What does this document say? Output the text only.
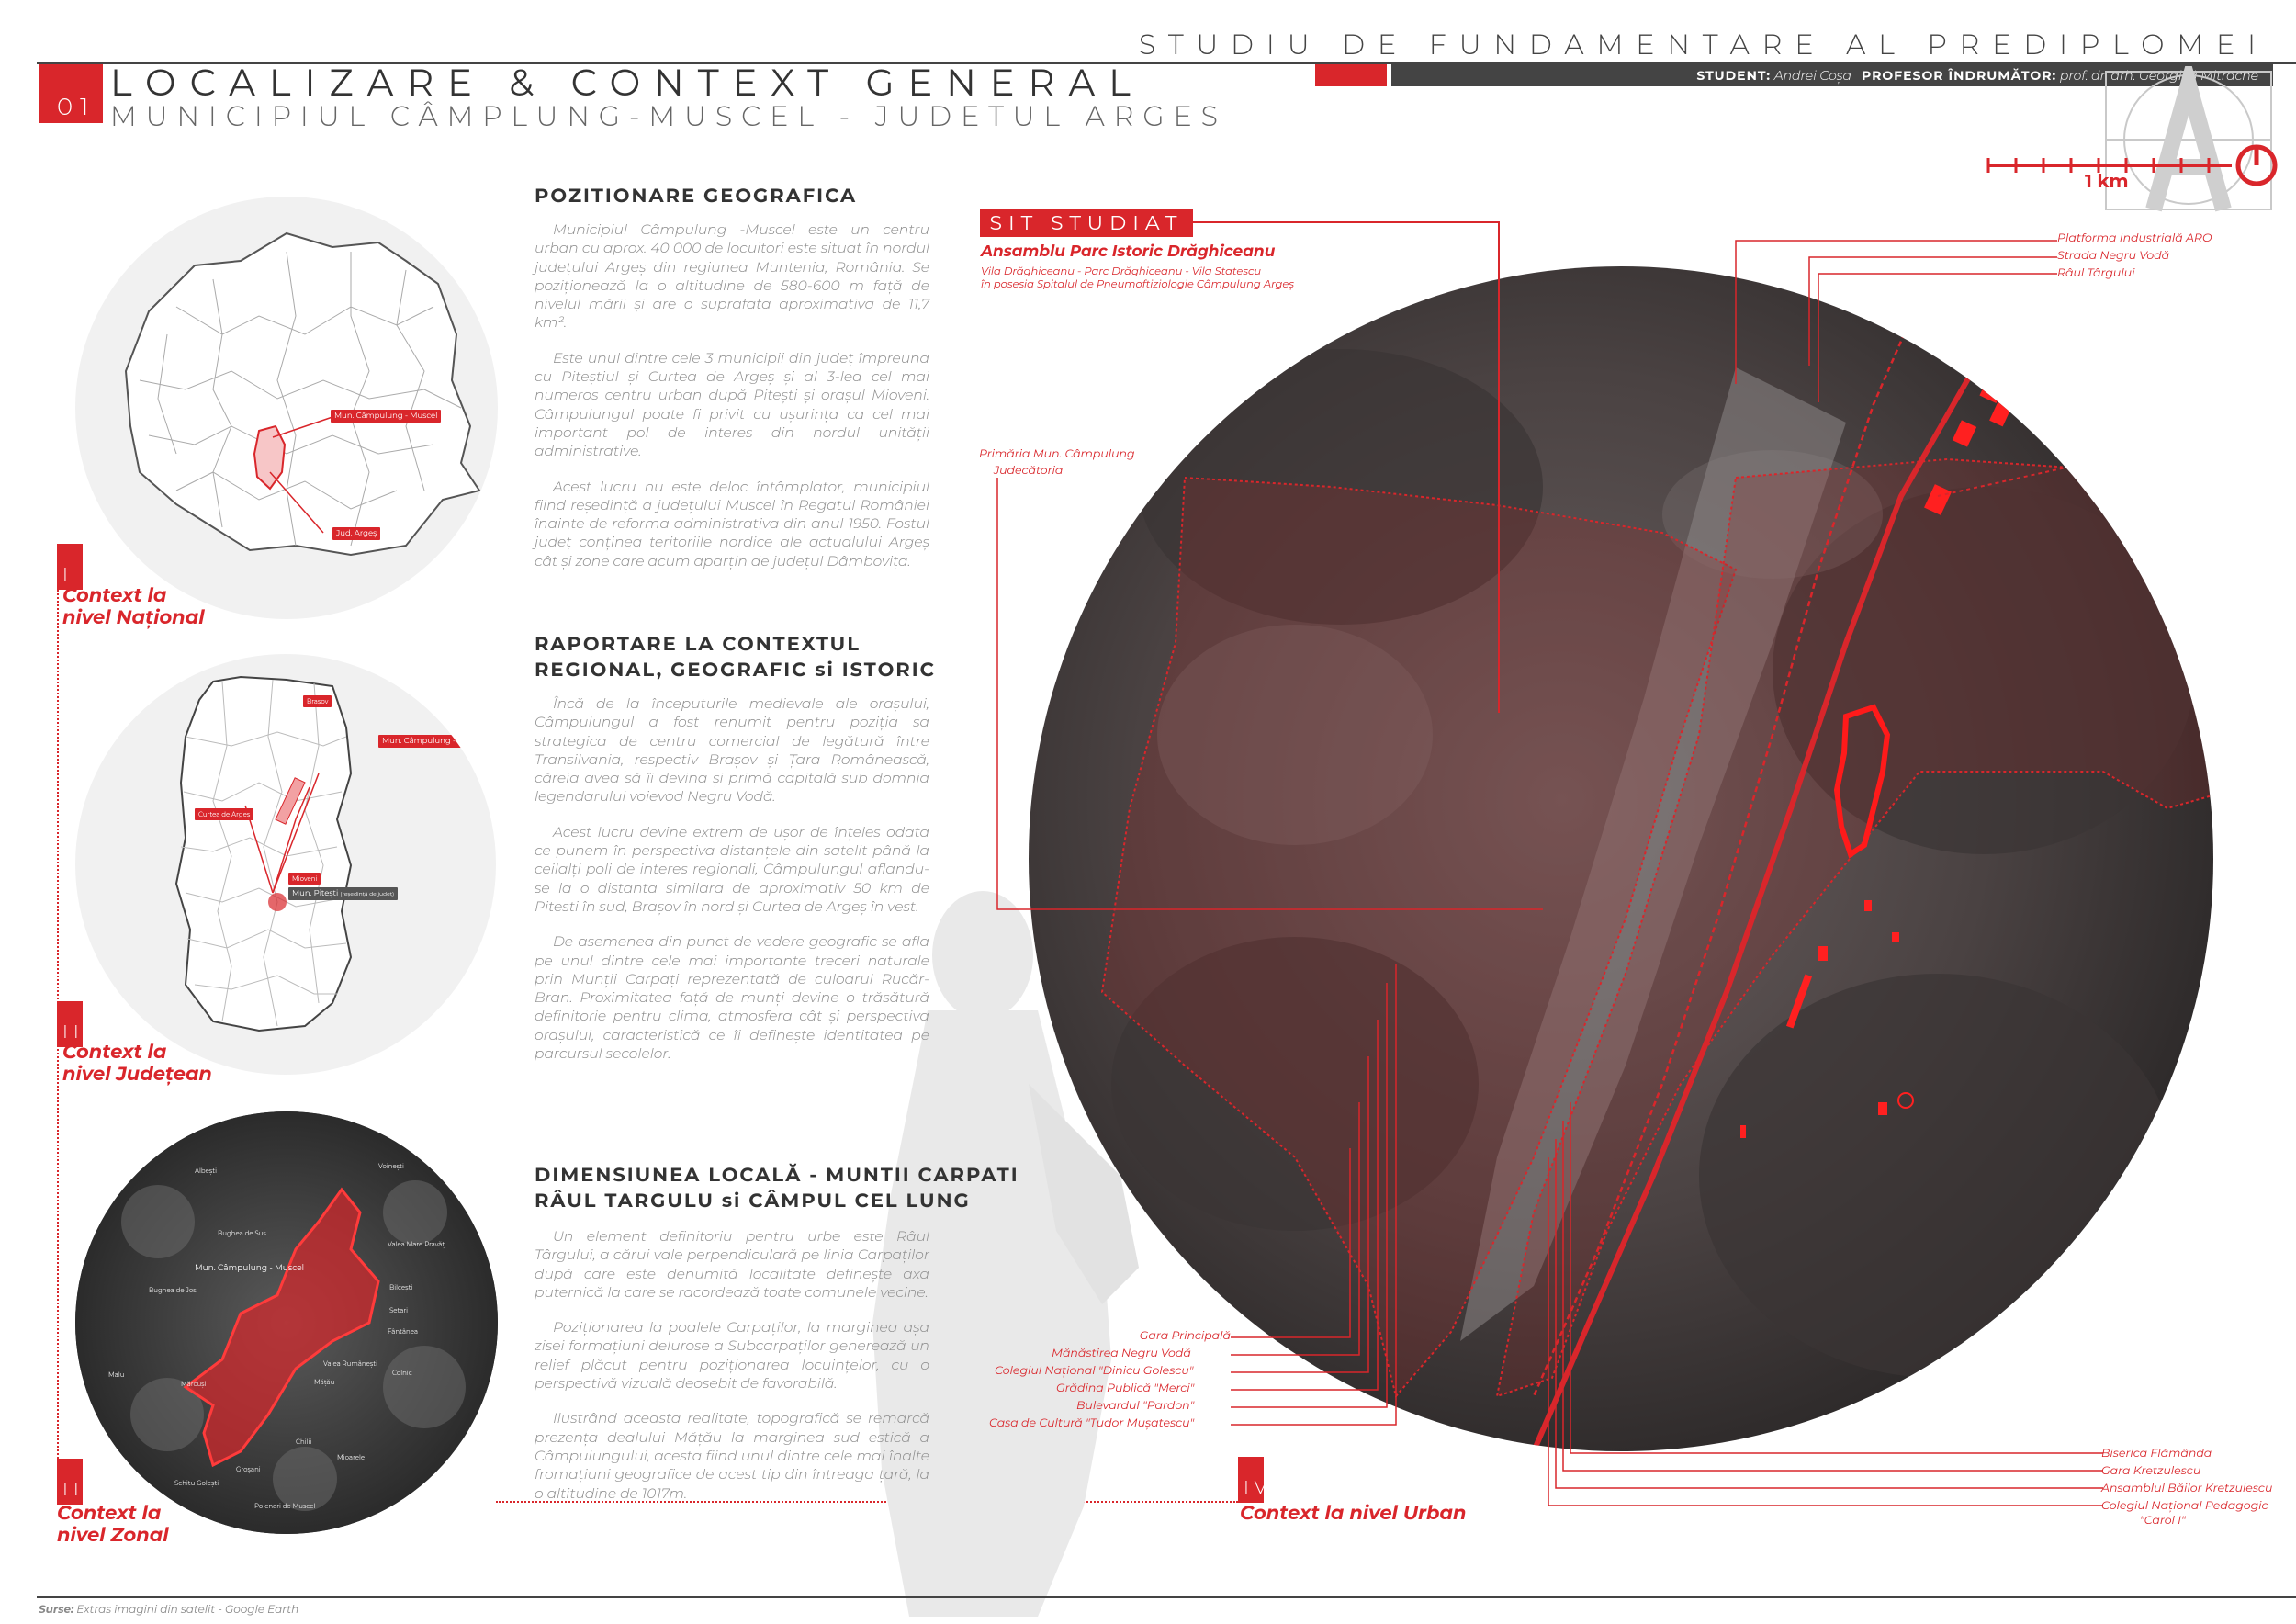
STUDIU DE FUNDAMENTARE AL PREDIPLOMEI
STUDENT: Andrei Coșa PROFESOR ÎNDRUMĂTOR: prof. dr. arh. Georgică Mitrache
01
LOCALIZARE & CONTEXT GENERAL
MUNICIPIUL CÂMPLUNG-MUSCEL - JUDETUL ARGES
1 km
Mun. Câmpulung - Muscel
Jud. Argeș
I
Context la
nivel Național
Brașov
Mun. Câmpulung - Muscel
Curtea de Argeș
Mioveni
Mun. Pitești (reședință de județ)
II
Context la
nivel Județean
Mun. Câmpulung - Muscel
Albești
Voinești
Bughea de Sus
Valea Mare Pravăț
Bughea de Jos	Bilcești
Setari
Fântânea
Malu
Mărcuși
Valea Rumânești
Mățău
Colnic
Chilii
Mioarele
Schitu Golești
Groșani
Poienari de Muscel
III
Context la
nivel Zonal
POZITIONARE GEOGRAFICA

Municipiul Câmpulung -Muscel este un centru urban cu aprox. 40 000 de locuitori este situat în nordul județului Argeș din regiunea Muntenia, România. Se poziționează la o altitudine de 580-600 m față de nivelul mării și are o suprafata aproximativa de 11,7 km².

Este unul dintre cele 3 municipii din județ împreuna cu Piteștiul și Curtea de Argeș și al 3-lea cel mai numeros centru urban după Pitești și orașul Mioveni. Câmpulungul poate fi privit cu ușurința ca cel mai important pol de interes din nordul unității administrative.

Acest lucru nu este deloc întâmplator, municipiul fiind reședință a județului Muscel în Regatul României înainte de reforma administrativa din anul 1950. Fostul județ conținea teritoriile nordice ale actualului Argeș cât și zone care acum aparțin de județul Dâmbovița.

RAPORTARE LA CONTEXTUL
REGIONAL, GEOGRAFIC si ISTORIC

Încă de la începuturile medievale ale orașului, Câmpulungul a fost renumit pentru poziția sa strategica de centru comercial de legătură între Transilvania, respectiv Brașov și Țara Românească, căreia avea să îi devina și primă capitală sub domnia legendarului voievod Negru Vodă.

Acest lucru devine extrem de ușor de înțeles odata ce punem în perspectiva distanțele din satelit până la ceilalți poli de interes regionali, Câmpulungul aflandu-se la o distanta similara de aproximativ 50 km de Pitesti în sud, Brașov în nord și Curtea de Argeș în vest.

De asemenea din punct de vedere geografic se afla pe unul dintre cele mai importante treceri naturale prin Munții Carpați reprezentată de culoarul Rucăr- Bran. Proximitatea față de munți devine o trăsătură definitorie pentru clima, atmosfera cât și perspectiva orașului, caracteristică ce îi definește identitatea pe parcursul secolelor.

DIMENSIUNEA LOCALĂ - MUNTII CARPATI
RÂUL TARGULU si CÂMPUL CEL LUNG

Un element definitoriu pentru urbe este Râul Târgului, a cărui vale perpendiculară pe linia Carpaților după care este denumită localitate definește axa puternică la care se racordează toate comunele vecine.

Poziționarea la poalele Carpaților, la marginea așa zisei formațiuni delurose a Subcarpaților generează un relief plăcut pentru poziționarea locuințelor, cu o perspectivă vizuală deosebit de favorabilă.

Ilustrând aceasta realitate, topografică se remarcă prezența dealului Mățău la marginea sud estică a Câmpulungului, acesta fiind unul dintre cele mai înalte fromațiuni geografice de acest tip din întreaga țară, la o altitudine de 1017m.

SIT STUDIAT
Ansamblu Parc Istoric Drăghiceanu
Vila Drăghiceanu - Parc Drăghiceanu - Vila Statescu
în posesia Spitalul de Pneumoftiziologie Câmpulung Argeș
Platforma Industrială ARO
Strada Negru Vodă
Râul Târgului
Primăria Mun. Câmpulung
Judecătoria
Gara Principală
Mănăstirea Negru Vodă
Colegiul Național "Dinicu Golescu"
Grădina Publică "Merci"
Bulevardul "Pardon"
Casa de Cultură "Tudor Mușatescu"
Biserica Flămânda
Gara Kretzulescu
Ansamblul Băilor Kretzulescu
Colegiul Național Pedagogic
"Carol I"
IV
Context la nivel Urban
Surse: Extras imagini din satelit - Google Earth
